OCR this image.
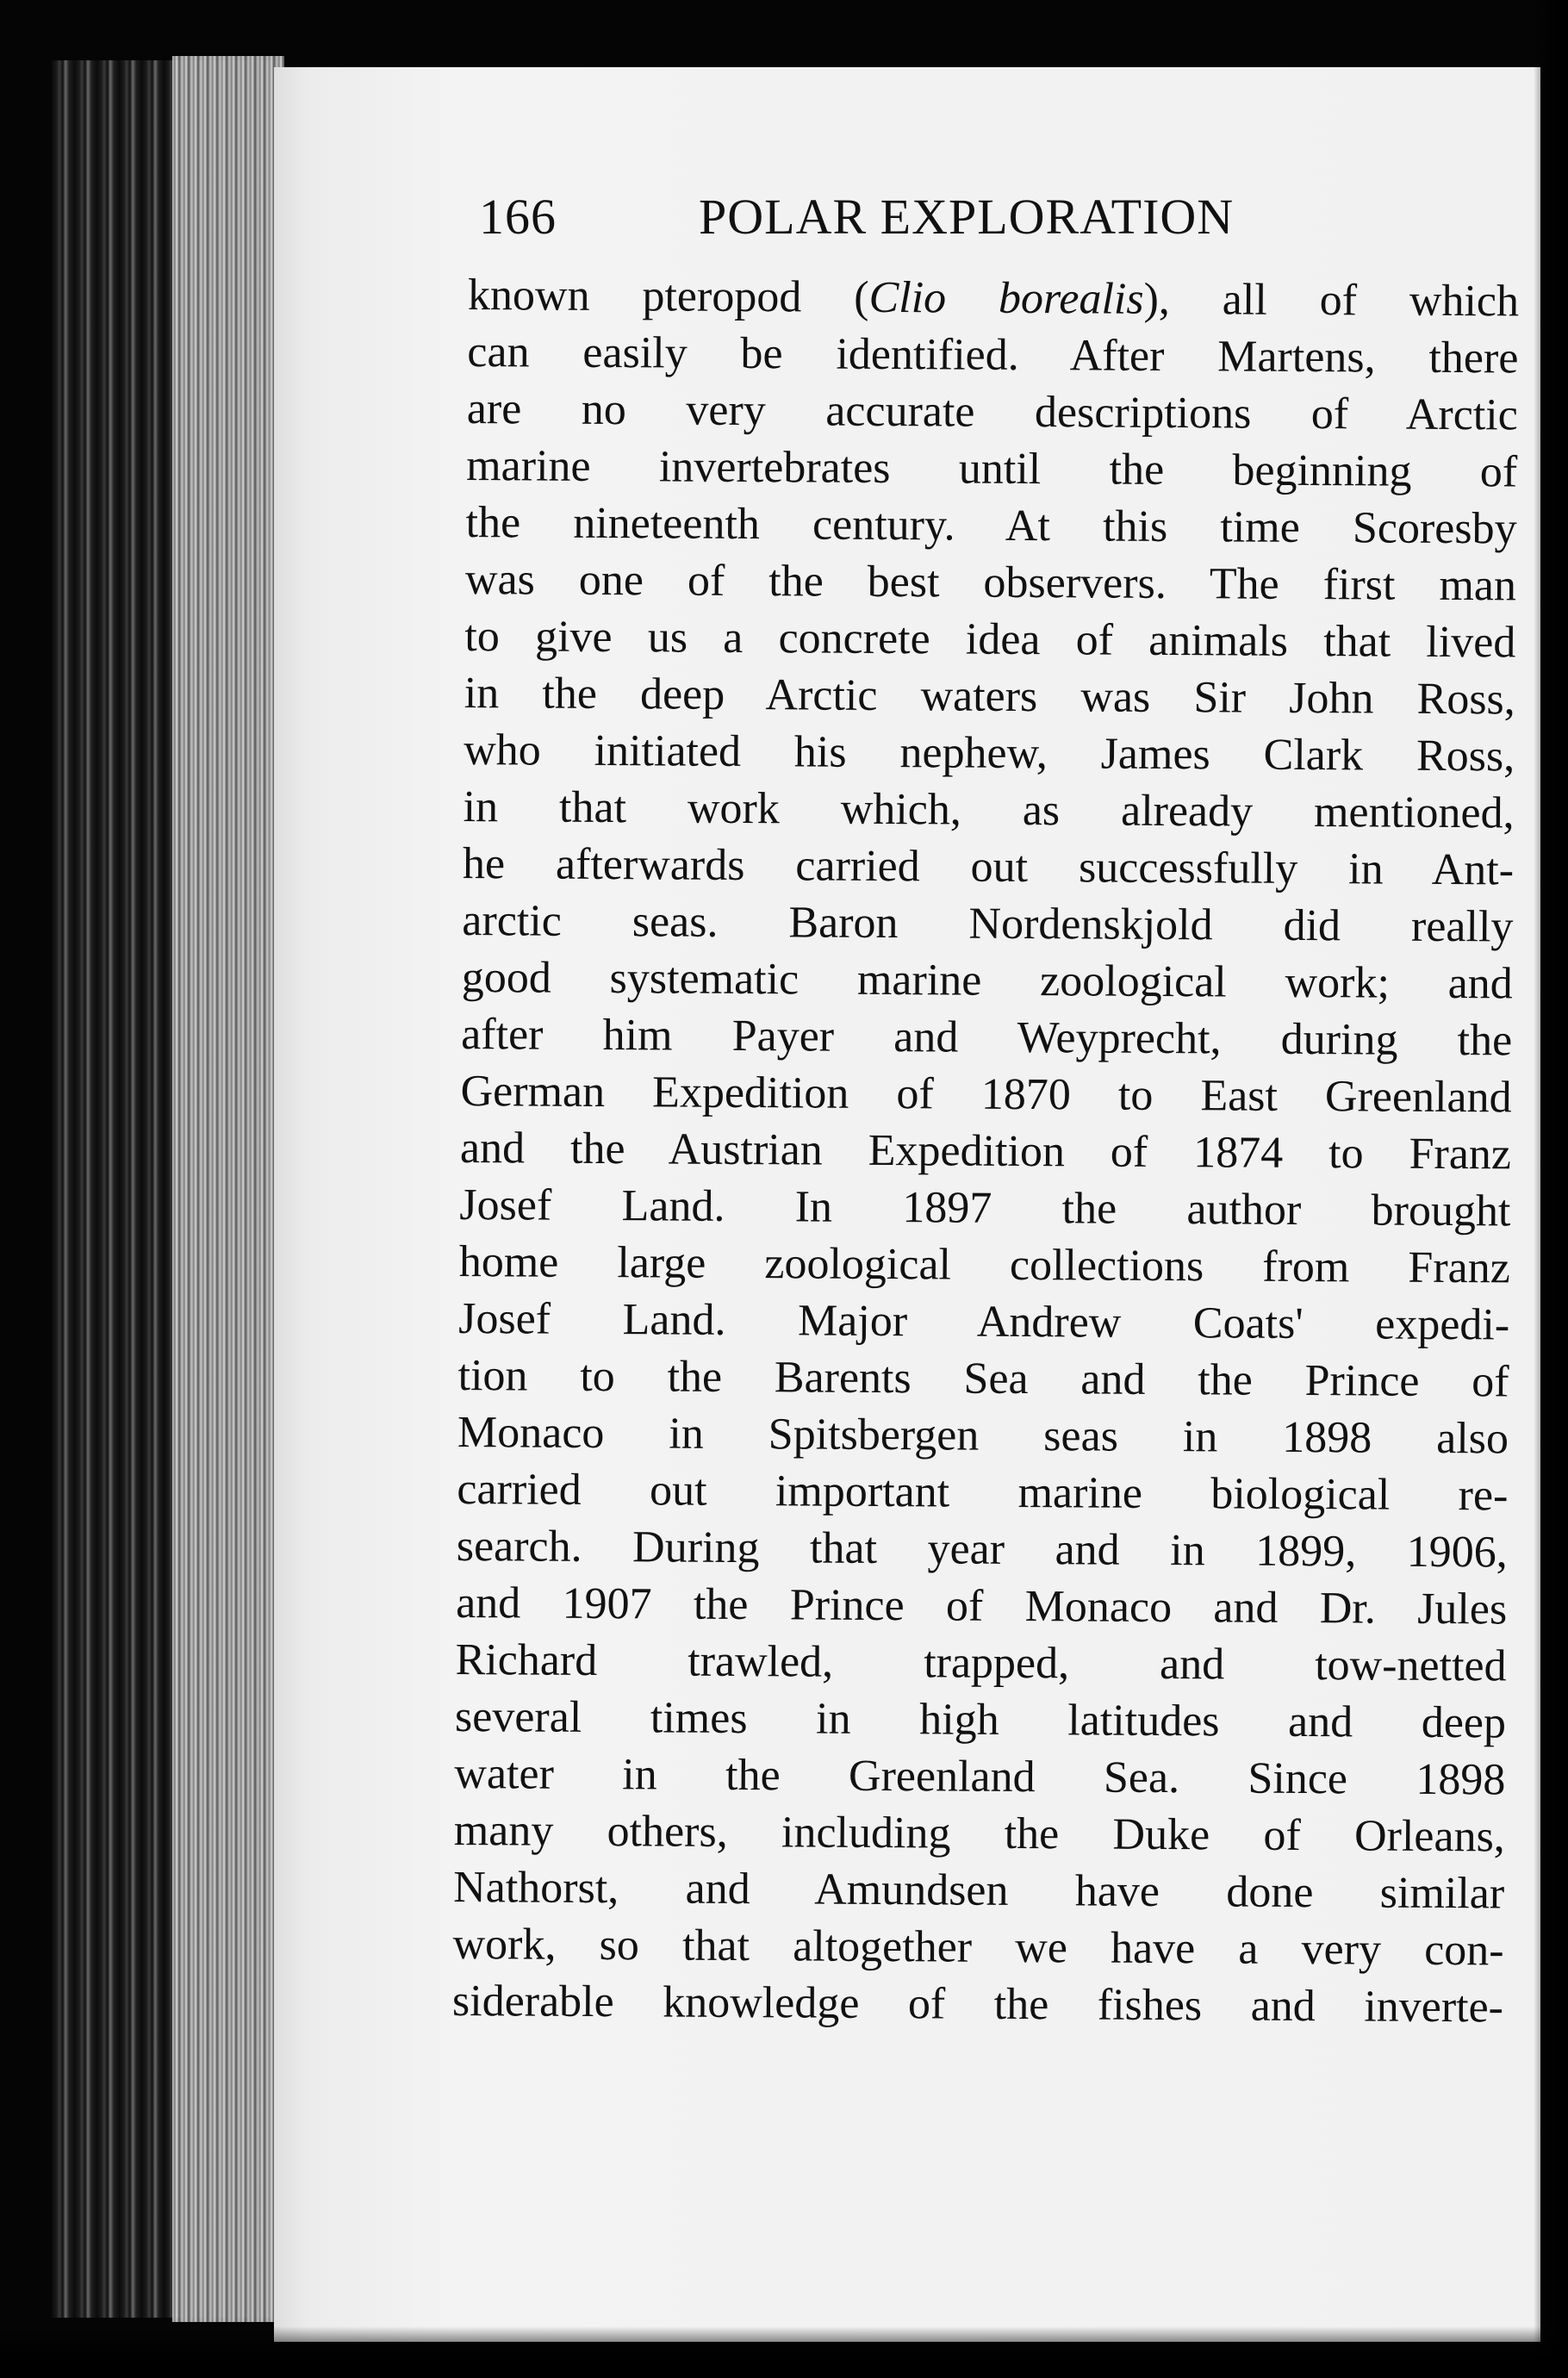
166	POLAR EXPLORATION
known pteropod (Clio borealis), all of which
can easily be identified. After Martens, there
are no very accurate descriptions of Arctic
marine invertebrates until the beginning of
the nineteenth century. At this time Scoresby
was one of the best observers. The first man
to give us a concrete idea of animals that lived
in the deep Arctic waters was Sir John Ross,
who initiated his nephew, James Clark Ross,
in that work which, as already mentioned,
he afterwards carried out successfully in Ant-
arctic seas. Baron Nordenskjold did really
good systematic marine zoological work; and
after him Payer and Weyprecht, during the
German Expedition of 1870 to East Greenland
and the Austrian Expedition of 1874 to Franz
Josef Land. In 1897 the author brought
home large zoological collections from Franz
Josef Land. Major Andrew Coats' expedi-
tion to the Barents Sea and the Prince of
Monaco in Spitsbergen seas in 1898 also
carried out important marine biological re-
search. During that year and in 1899, 1906,
and 1907 the Prince of Monaco and Dr. Jules
Richard trawled, trapped, and tow-netted
several times in high latitudes and deep
water in the Greenland Sea. Since 1898
many others, including the Duke of Orleans,
Nathorst, and Amundsen have done similar
work, so that altogether we have a very con-
siderable knowledge of the fishes and inverte-
